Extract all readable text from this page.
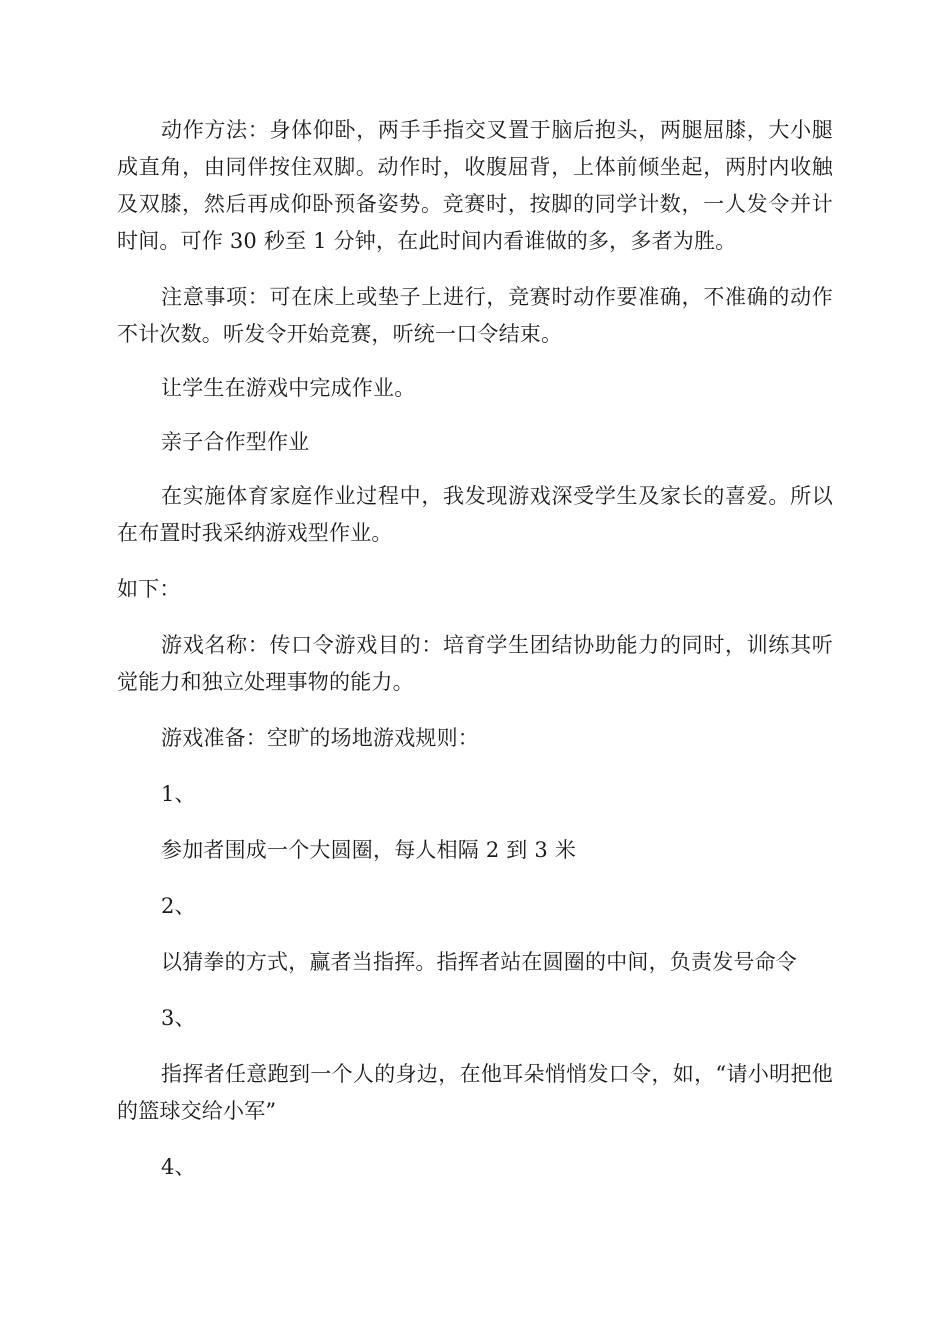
动作方法：身体仰卧，两手手指交叉置于脑后抱头，两腿屈膝，大小腿成直角，由同伴按住双脚。动作时，收腹屈背，上体前倾坐起，两肘内收触及双膝，然后再成仰卧预备姿势。竞赛时，按脚的同学计数，一人发令并计时间。可作 30 秒至 1 分钟，在此时间内看谁做的多，多者为胜。

注意事项：可在床上或垫子上进行，竞赛时动作要准确，不准确的动作不计次数。听发令开始竞赛，听统一口令结束。

让学生在游戏中完成作业。

亲子合作型作业

在实施体育家庭作业过程中，我发现游戏深受学生及家长的喜爱。所以在布置时我采纳游戏型作业。

如下：

游戏名称：传口令游戏目的：培育学生团结协助能力的同时，训练其听觉能力和独立处理事物的能力。

游戏准备：空旷的场地游戏规则：

1、

参加者围成一个大圆圈，每人相隔 2 到 3 米

2、

以猜拳的方式，赢者当指挥。指挥者站在圆圈的中间，负责发号命令

3、

指挥者任意跑到一个人的身边，在他耳朵悄悄发口令，如，“请小明把他的篮球交给小军”

4、
